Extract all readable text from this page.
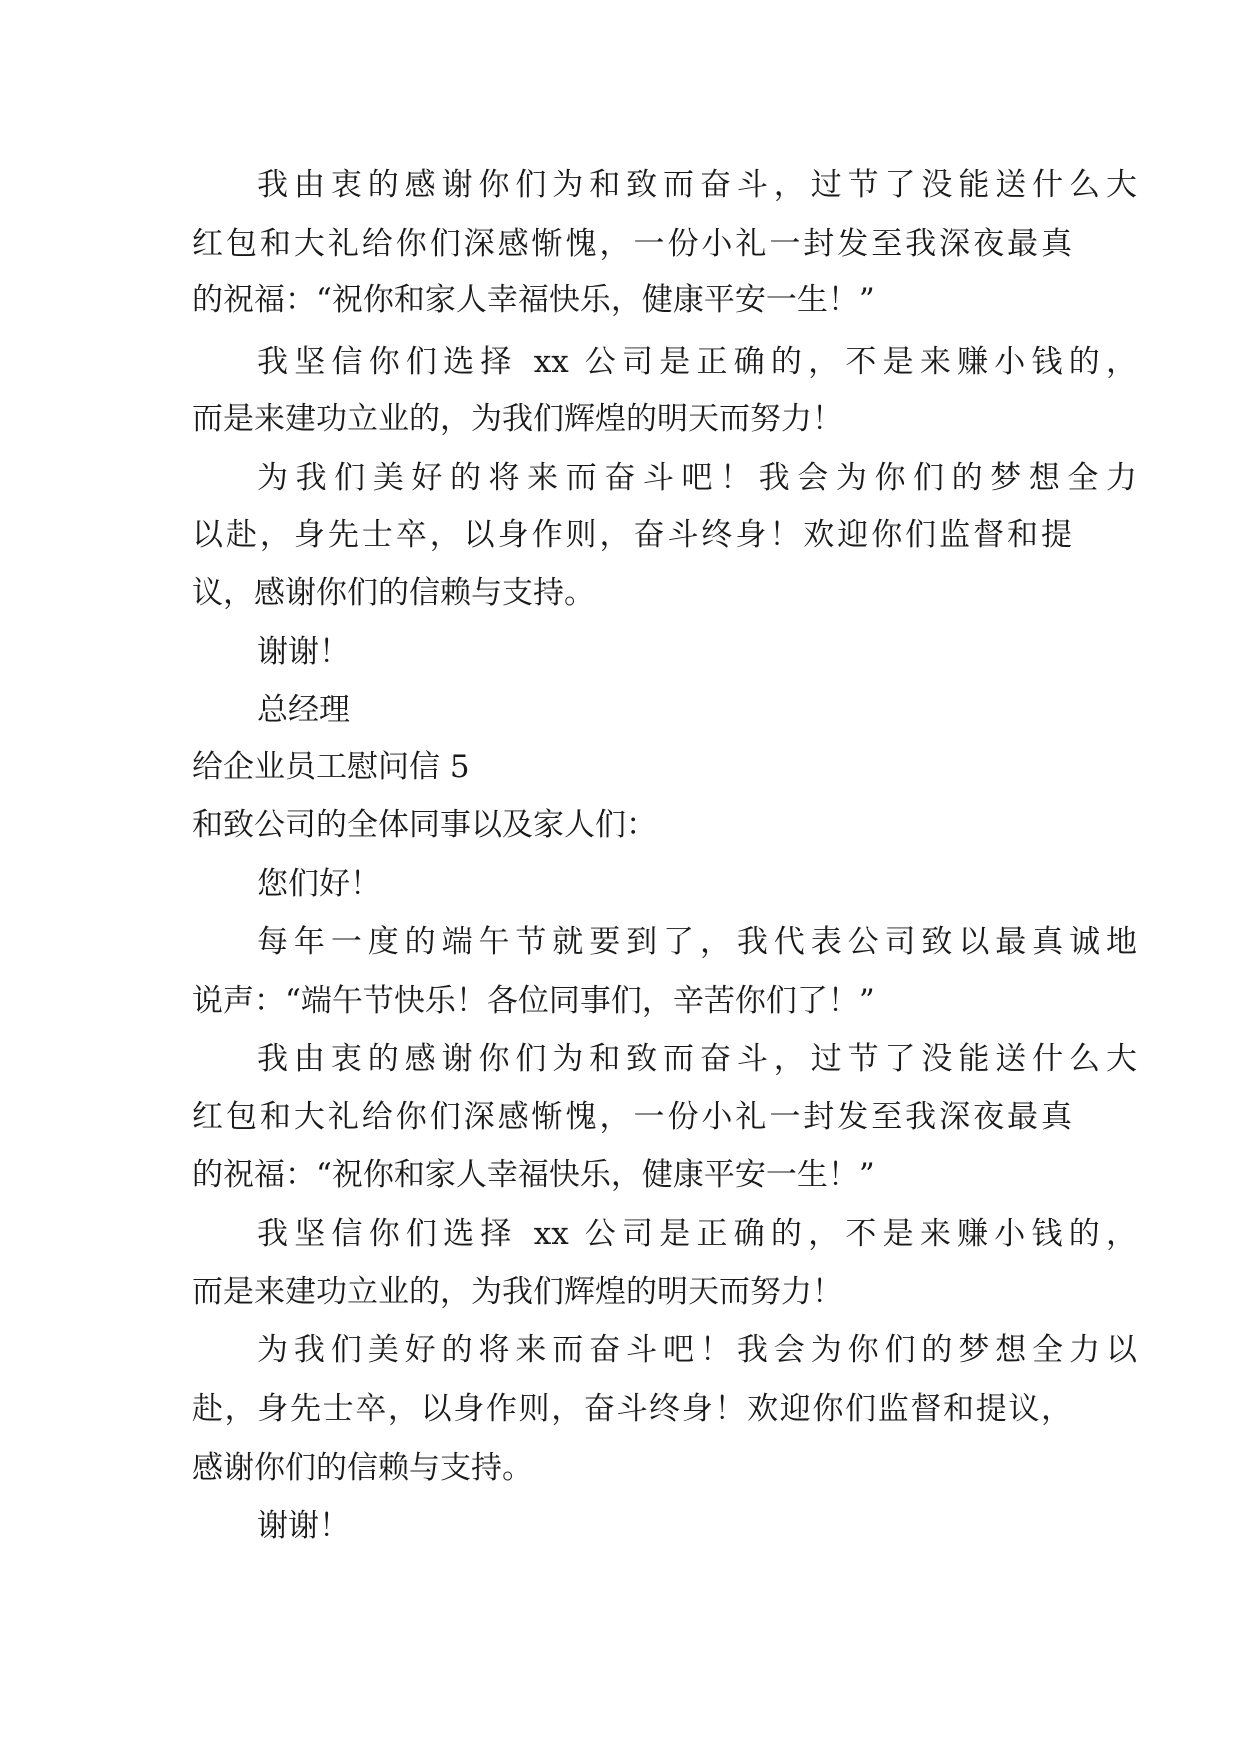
我由衷的感谢你们为和致而奋斗，过节了没能送什么大

红包和大礼给你们深感惭愧，一份小礼一封发至我深夜最真

的祝福：“祝你和家人幸福快乐，健康平安一生！”

我坚信你们选择 xx 公司是正确的，不是来赚小钱的，

而是来建功立业的，为我们辉煌的明天而努力！

为我们美好的将来而奋斗吧！我会为你们的梦想全力

以赴，身先士卒，以身作则，奋斗终身！欢迎你们监督和提

议，感谢你们的信赖与支持。

谢谢！

总经理

给企业员工慰问信 5

和致公司的全体同事以及家人们：

您们好！

每年一度的端午节就要到了，我代表公司致以最真诚地

说声：“端午节快乐！各位同事们，辛苦你们了！”

我由衷的感谢你们为和致而奋斗，过节了没能送什么大

红包和大礼给你们深感惭愧，一份小礼一封发至我深夜最真

的祝福：“祝你和家人幸福快乐，健康平安一生！”

我坚信你们选择 xx 公司是正确的，不是来赚小钱的，

而是来建功立业的，为我们辉煌的明天而努力！

为我们美好的将来而奋斗吧！我会为你们的梦想全力以

赴，身先士卒，以身作则，奋斗终身！欢迎你们监督和提议，

感谢你们的信赖与支持。

谢谢！
